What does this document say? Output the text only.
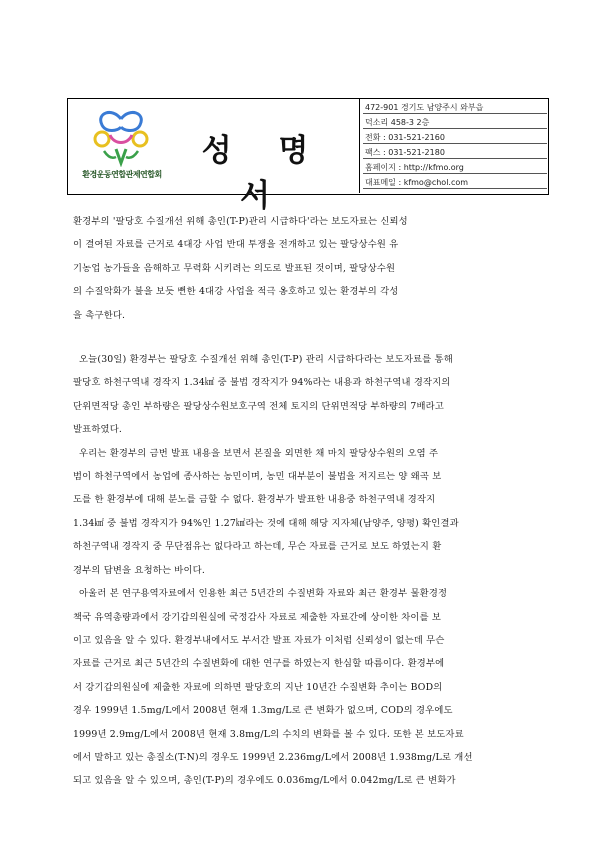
환경운동연합관제연합회
성 명 서
472-901 경기도 남양주시 와부읍
덕소리 458-3 2층
전화 : 031-521-2160
팩스 : 031-521-2180
홈페이지 : http://kfmo.org
대표메일 : kfmo@chol.com

환경부의 '팔당호 수질개선 위해 총인(T-P)관리 시급하다'라는 보도자료는 신뢰성
이 결여된 자료를 근거로 4대강 사업 반대 투쟁을 전개하고 있는 팔당상수원 유
기농업 농가들을 음해하고 무력화 시키려는 의도로 발표된 것이며, 팔당상수원
의 수질악화가 불을 보듯 뻔한 4대강 사업을 적극 옹호하고 있는 환경부의 각성
을 촉구한다.

오늘(30일) 환경부는 팔당호 수질개선 위해 총인(T-P) 관리 시급하다라는 보도자료를 통해
팔당호 하천구역내 경작지 1.34㎢ 중 불법 경작지가 94%라는 내용과 하천구역내 경작지의
단위면적당 총인 부하량은 팔당상수원보호구역 전체 토지의 단위면적당 부하량의 7배라고
발표하였다.

우리는 환경부의 금번 발표 내용을 보면서 본질을 외면한 채 마치 팔당상수원의 오염 주
범이 하천구역에서 농업에 종사하는 농민이며, 농민 대부분이 불법을 저지르는 양 왜곡 보
도를 한 환경부에 대해 분노를 금할 수 없다. 환경부가 발표한 내용중 하천구역내 경작지
1.34㎢ 중 불법 경작지가 94%인 1.27㎢라는 것에 대해 해당 지자체(남양주, 양평) 확인결과
하천구역내 경작지 중 무단점유는 없다라고 하는데, 무슨 자료를 근거로 보도 하였는지 환
경부의 답변을 요청하는 바이다.

아울러 본 연구용역자료에서 인용한 최근 5년간의 수질변화 자료와 최근 환경부 물환경정
책국 유역총량과에서 강기갑의원실에 국정감사 자료로 제출한 자료간에 상이한 차이를 보
이고 있음을 알 수 있다. 환경부내에서도 부서간 발표 자료가 이처럼 신뢰성이 없는데 무슨
자료를 근거로 최근 5년간의 수질변화에 대한 연구를 하였는지 한심할 따름이다. 환경부에
서 강기갑의원실에 제출한 자료에 의하면 팔당호의 지난 10년간 수질변화 추이는 BOD의
경우 1999년 1.5mg/L에서 2008년 현재 1.3mg/L로 큰 변화가 없으며, COD의 경우에도
1999년 2.9mg/L에서 2008년 현재 3.8mg/L의 수치의 변화를 볼 수 있다. 또한 본 보도자료
에서 말하고 있는 총질소(T-N)의 경우도 1999년 2.236mg/L에서 2008년 1.938mg/L로 개선
되고 있음을 알 수 있으며, 총인(T-P)의 경우에도 0.036mg/L에서 0.042mg/L로 큰 변화가
